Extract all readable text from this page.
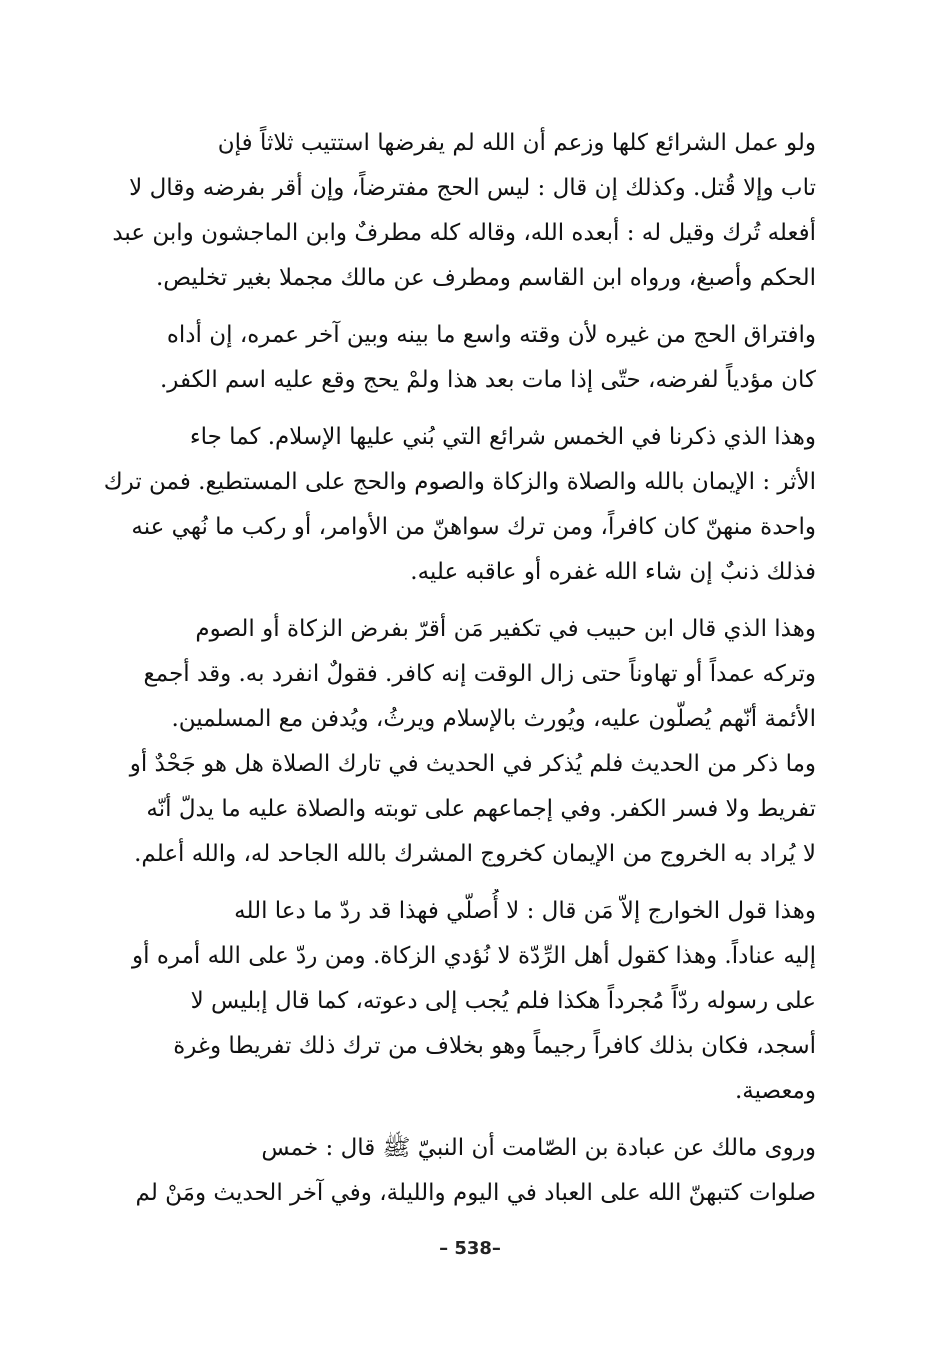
ولو عمل الشرائع كلها وزعم أن الله لم يفرضها استتيب ثلاثاً فإن
تاب وإلا قُتل. وكذلك إن قال : ليس الحج مفترضاً، وإن أقر بفرضه وقال لا
أفعله تُرك وقيل له : أبعده الله، وقاله كله مطرفٌ وابن الماجشون وابن عبد
الحكم وأصبغ، ورواه ابن القاسم ومطرف عن مالك مجملا بغير تخليص.
وافتراق الحج من غيره لأن وقته واسع ما بينه وبين آخر عمره، إن أداه
كان مؤدياً لفرضه، حتّى إذا مات بعد هذا ولمْ يحج وقع عليه اسم الكفر.
وهذا الذي ذكرنا في الخمس شرائع التي بُني عليها الإسلام. كما جاء
الأثر : الإيمان بالله والصلاة والزكاة والصوم والحج على المستطيع. فمن ترك
واحدة منهنّ كان كافراً، ومن ترك سواهنّ من الأوامر، أو ركب ما نُهي عنه
فذلك ذنبٌ إن شاء الله غفره أو عاقبه عليه.
وهذا الذي قال ابن حبيب في تكفير مَن أقرّ بفرض الزكاة أو الصوم
وتركه عمداً أو تهاوناً حتى زال الوقت إنه كافر. فقولٌ انفرد به. وقد أجمع
الأئمة أنّهم يُصلّون عليه، ويُورث بالإسلام ويرثُ، ويُدفن مع المسلمين.
وما ذكر من الحديث فلم يُذكر في الحديث في تارك الصلاة هل هو جَحْدٌ أو
تفريط ولا فسر الكفر. وفي إجماعهم على توبته والصلاة عليه ما يدلّ أنّه
لا يُراد به الخروج من الإيمان كخروج المشرك بالله الجاحد له، والله أعلم.
وهذا قول الخوارج إلاّ مَن قال : لا أُصلّي فهذا قد ردّ ما دعا الله
إليه عناداً. وهذا كقول أهل الرِّدّة لا نُؤدي الزكاة. ومن ردّ على الله أمره أو
على رسوله ردّاً مُجرداً هكذا فلم يُجب إلى دعوته، كما قال إبليس لا
أسجد، فكان بذلك كافراً رجيماً وهو بخلاف من ترك ذلك تفريطا وغرة
ومعصية.
وروى مالك عن عبادة بن الصّامت أن النبيّ ﷺ قال : خمس
صلوات كتبهنّ الله على العباد في اليوم والليلة، وفي آخر الحديث ومَنْ لم
– 538–
